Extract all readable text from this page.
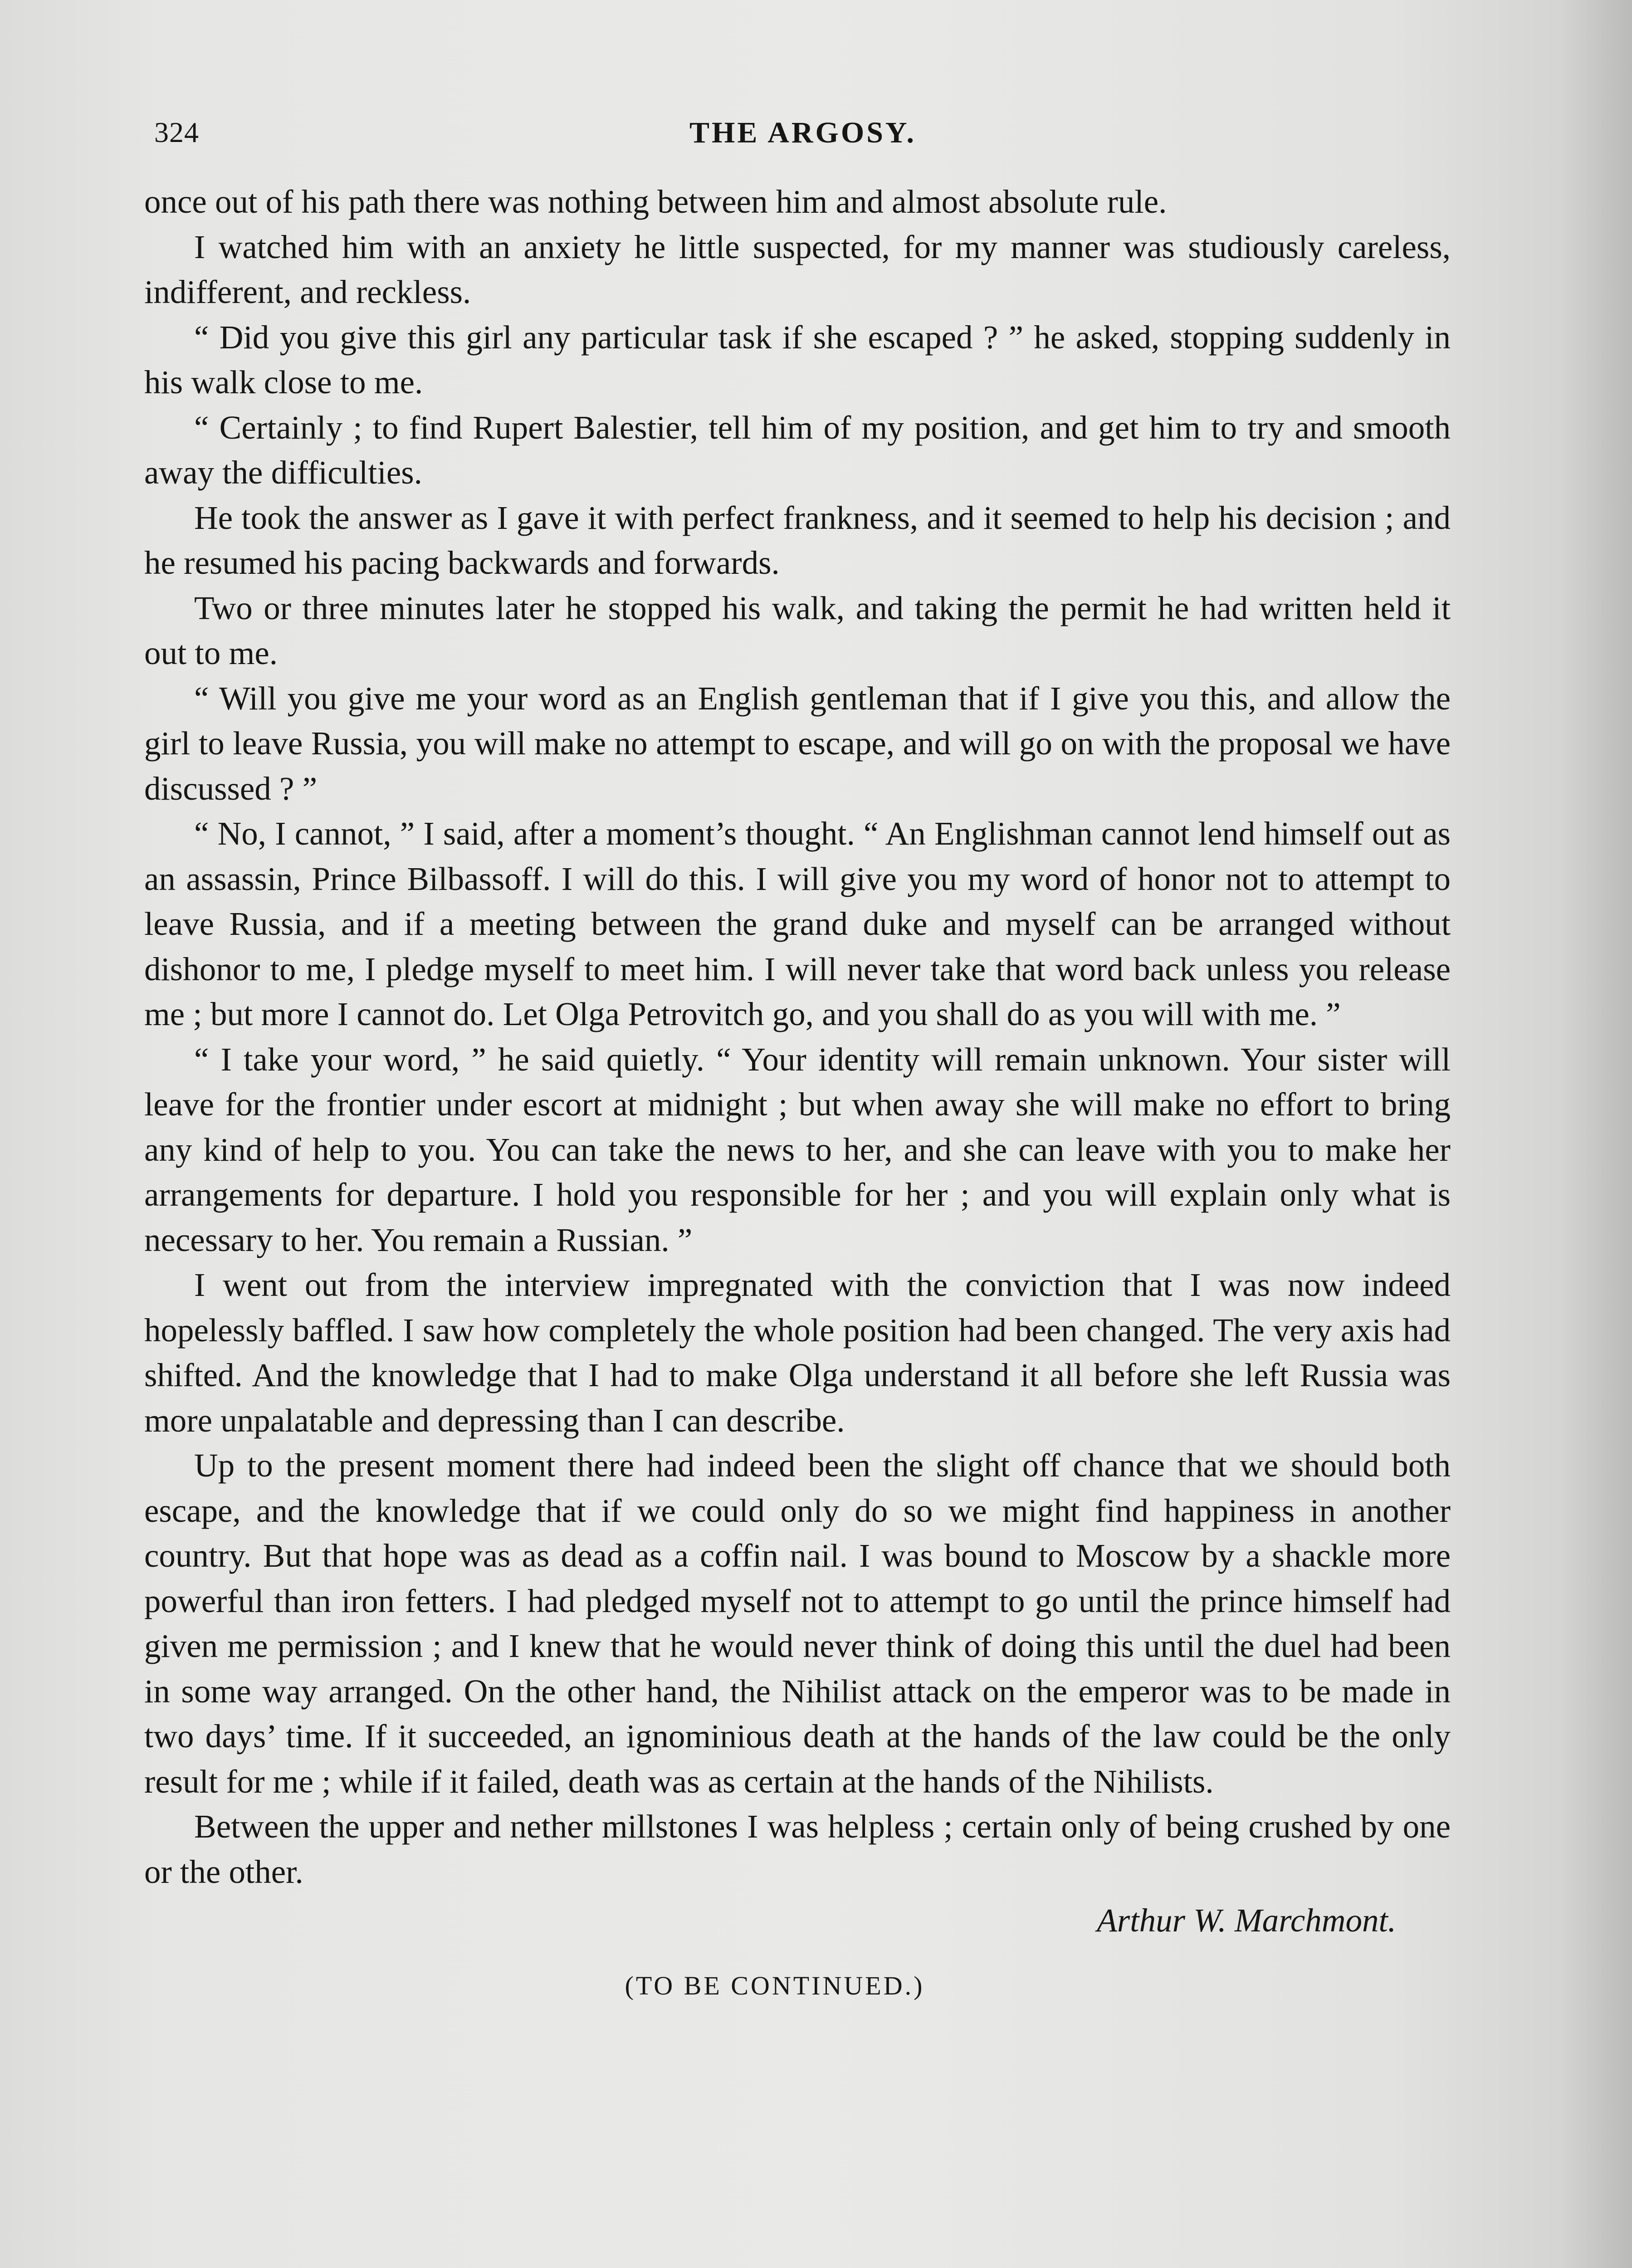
324	THE ARGOSY.

once out of his path there was nothing between him and almost absolute rule.

I watched him with an anxiety he little suspected, for my manner was studiously careless, indifferent, and reckless.

“ Did you give this girl any particular task if she escaped ? ” he asked, stopping suddenly in his walk close to me.

“ Certainly ; to find Rupert Balestier, tell him of my position, and get him to try and smooth away the difficulties.

He took the answer as I gave it with perfect frankness, and it seemed to help his decision ; and he resumed his pacing backwards and forwards.

Two or three minutes later he stopped his walk, and taking the permit he had written held it out to me.

“ Will you give me your word as an English gentleman that if I give you this, and allow the girl to leave Russia, you will make no attempt to escape, and will go on with the proposal we have discussed ? ”

“ No, I cannot, ” I said, after a moment’s thought. “ An Englishman cannot lend himself out as an assassin, Prince Bilbassoff. I will do this. I will give you my word of honor not to attempt to leave Russia, and if a meeting between the grand duke and myself can be arranged without dishonor to me, I pledge myself to meet him. I will never take that word back unless you release me ; but more I cannot do. Let Olga Petrovitch go, and you shall do as you will with me. ”

“ I take your word, ” he said quietly. “ Your identity will remain unknown. Your sister will leave for the frontier under escort at midnight ; but when away she will make no effort to bring any kind of help to you. You can take the news to her, and she can leave with you to make her arrangements for departure. I hold you responsible for her ; and you will explain only what is necessary to her. You remain a Russian. ”

I went out from the interview impregnated with the conviction that I was now indeed hopelessly baffled. I saw how completely the whole position had been changed. The very axis had shifted. And the knowledge that I had to make Olga understand it all before she left Russia was more unpalatable and depressing than I can describe.

Up to the present moment there had indeed been the slight off chance that we should both escape, and the knowledge that if we could only do so we might find happiness in another country. But that hope was as dead as a coffin nail. I was bound to Moscow by a shackle more powerful than iron fetters. I had pledged myself not to attempt to go until the prince himself had given me permission ; and I knew that he would never think of doing this until the duel had been in some way arranged. On the other hand, the Nihilist attack on the emperor was to be made in two days’ time. If it succeeded, an ignominious death at the hands of the law could be the only result for me ; while if it failed, death was as certain at the hands of the Nihilists.

Between the upper and nether millstones I was helpless ; certain only of being crushed by one or the other.

Arthur W. Marchmont.

(TO BE CONTINUED.)
